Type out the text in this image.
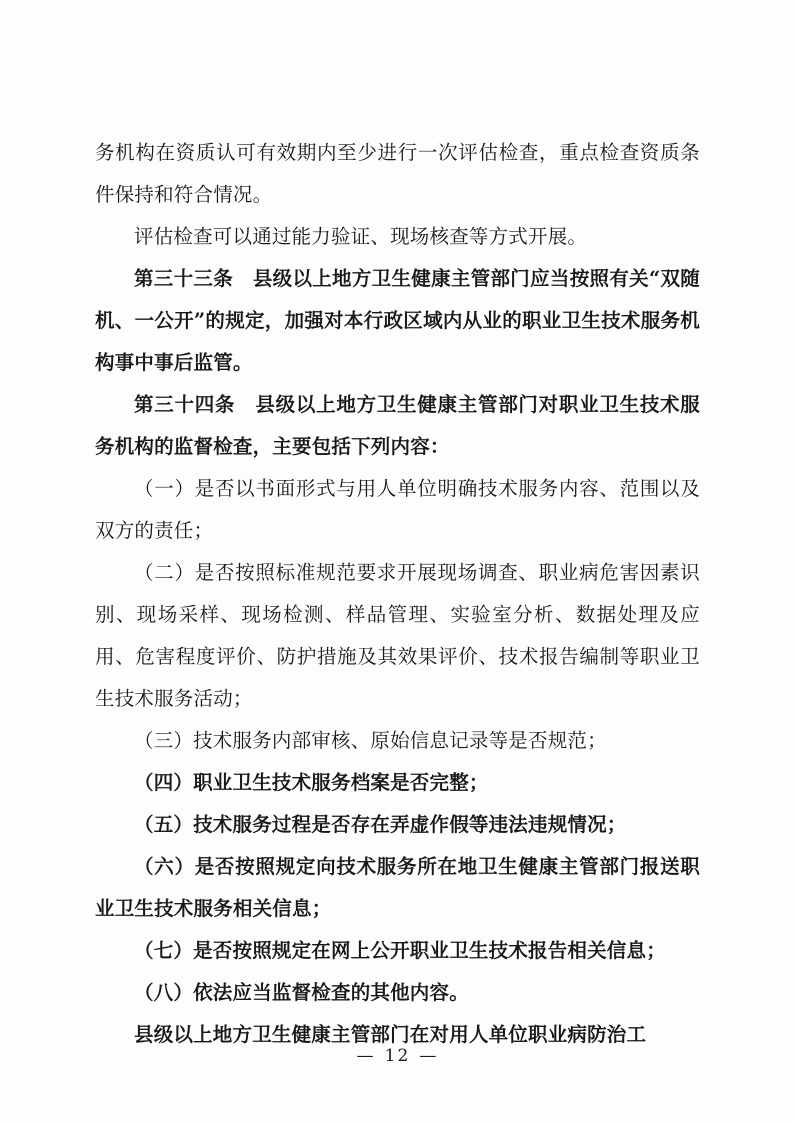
务机构在资质认可有效期内至少进行一次评估检查，重点检查资质条件保持和符合情况。

评估检查可以通过能力验证、现场核查等方式开展。

第三十三条　县级以上地方卫生健康主管部门应当按照有关“双随机、一公开”的规定，加强对本行政区域内从业的职业卫生技术服务机构事中事后监管。

第三十四条　县级以上地方卫生健康主管部门对职业卫生技术服务机构的监督检查，主要包括下列内容：

（一）是否以书面形式与用人单位明确技术服务内容、范围以及双方的责任；

（二）是否按照标准规范要求开展现场调查、职业病危害因素识别、现场采样、现场检测、样品管理、实验室分析、数据处理及应用、危害程度评价、防护措施及其效果评价、技术报告编制等职业卫生技术服务活动；

（三）技术服务内部审核、原始信息记录等是否规范；

（四）职业卫生技术服务档案是否完整；

（五）技术服务过程是否存在弄虚作假等违法违规情况；

（六）是否按照规定向技术服务所在地卫生健康主管部门报送职业卫生技术服务相关信息；

（七）是否按照规定在网上公开职业卫生技术报告相关信息；

（八）依法应当监督检查的其他内容。

县级以上地方卫生健康主管部门在对用人单位职业病防治工

— 12 —
